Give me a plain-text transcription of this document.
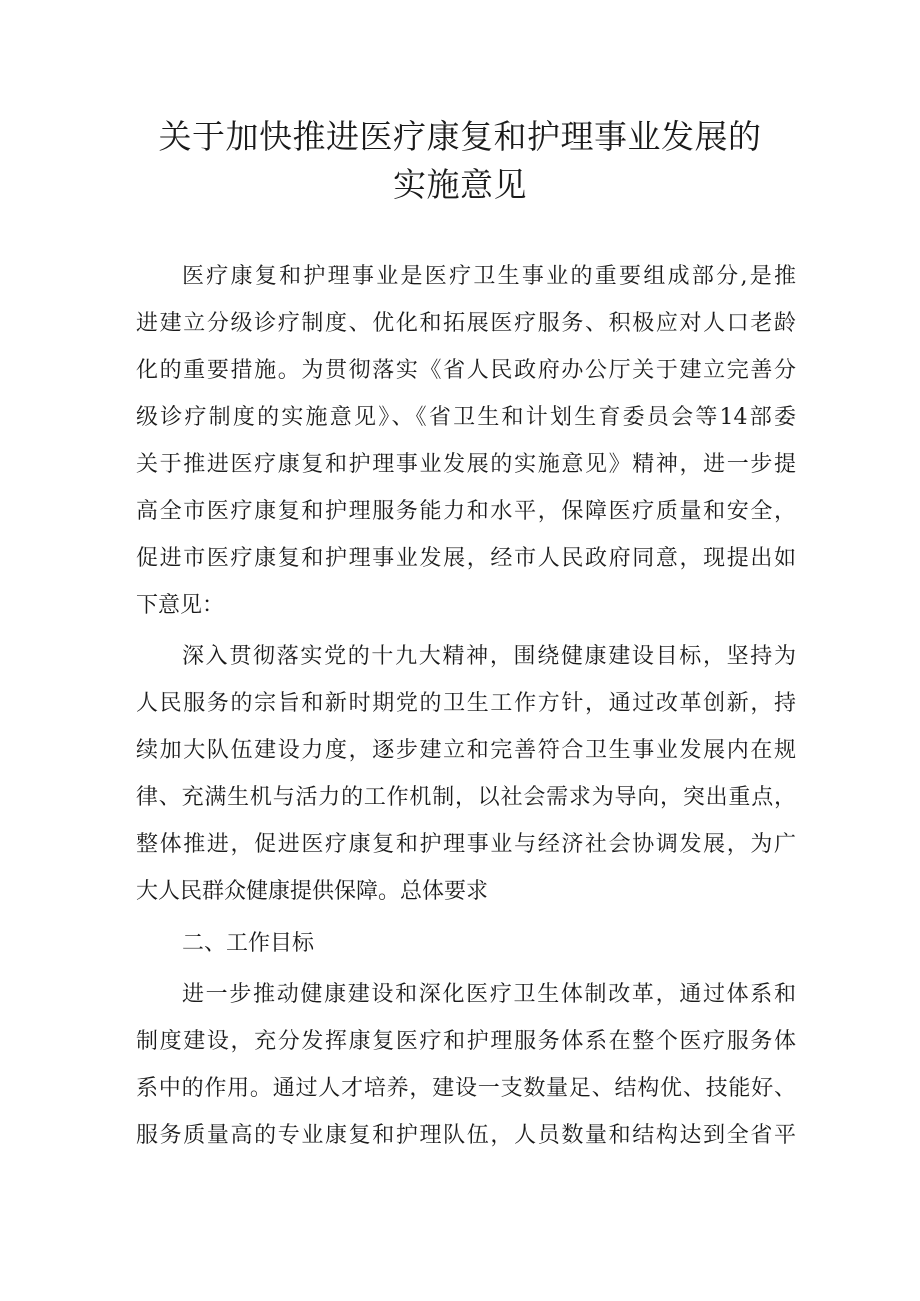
关于加快推进医疗康复和护理事业发展的
实施意见

医疗康复和护理事业是医疗卫生事业的重要组成部分,是推

进建立分级诊疗制度、优化和拓展医疗服务、积极应对人口老龄

化的重要措施。为贯彻落实《省人民政府办公厅关于建立完善分

级诊疗制度的实施意见》、《省卫生和计划生育委员会等14部委

关于推进医疗康复和护理事业发展的实施意见》精神，进一步提

高全市医疗康复和护理服务能力和水平，保障医疗质量和安全，

促进市医疗康复和护理事业发展，经市人民政府同意，现提出如

下意见：

深入贯彻落实党的十九大精神，围绕健康建设目标，坚持为

人民服务的宗旨和新时期党的卫生工作方针，通过改革创新，持

续加大队伍建设力度，逐步建立和完善符合卫生事业发展内在规

律、充满生机与活力的工作机制，以社会需求为导向，突出重点，

整体推进，促进医疗康复和护理事业与经济社会协调发展，为广

大人民群众健康提供保障。总体要求

二、工作目标

进一步推动健康建设和深化医疗卫生体制改革，通过体系和

制度建设，充分发挥康复医疗和护理服务体系在整个医疗服务体

系中的作用。通过人才培养，建设一支数量足、结构优、技能好、

服务质量高的专业康复和护理队伍，人员数量和结构达到全省平
